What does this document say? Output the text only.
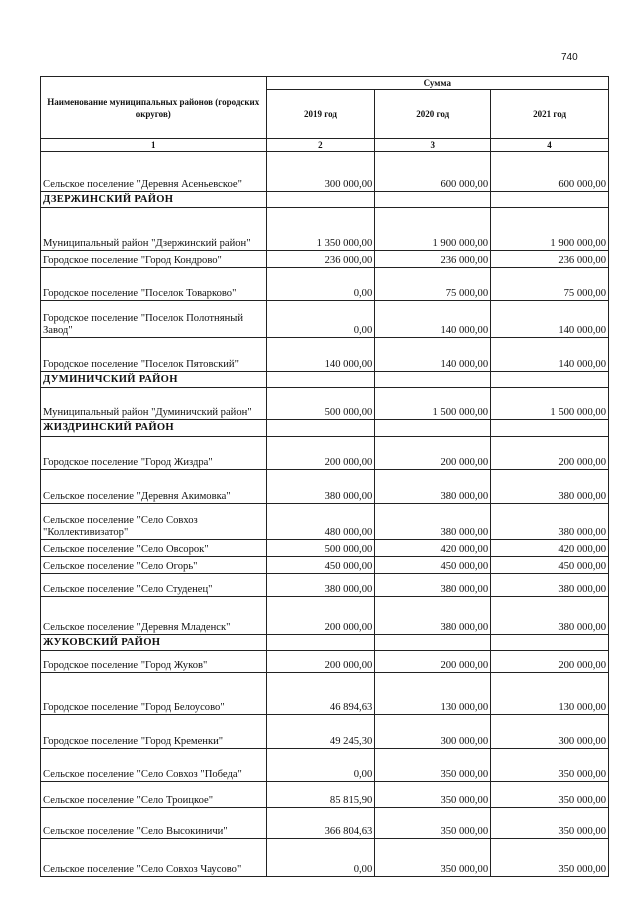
740
Наименование муниципальных районов (городских округов)	Сумма		
	2019 год	2020 год	2021 год
1	2	3	4
Сельское поселение "Деревня Асеньевское"	300 000,00	600 000,00	600 000,00
ДЗЕРЖИНСКИЙ РАЙОН			
Муниципальный район "Дзержинский район"	1 350 000,00	1 900 000,00	1 900 000,00
Городское поселение "Город Кондрово"	236 000,00	236 000,00	236 000,00
Городское поселение "Поселок Товарково"	0,00	75 000,00	75 000,00
Городское поселение "Поселок Полотняный Завод"	0,00	140 000,00	140 000,00
Городское поселение "Поселок Пятовский"	140 000,00	140 000,00	140 000,00
ДУМИНИЧСКИЙ РАЙОН			
Муниципальный район "Думиничский район"	500 000,00	1 500 000,00	1 500 000,00
ЖИЗДРИНСКИЙ РАЙОН			
Городское поселение "Город Жиздра"	200 000,00	200 000,00	200 000,00
Сельское поселение "Деревня Акимовка"	380 000,00	380 000,00	380 000,00
Сельское поселение "Село Совхоз "Коллективизатор"	480 000,00	380 000,00	380 000,00
Сельское поселение "Село Овсорок"	500 000,00	420 000,00	420 000,00
Сельское поселение "Село Огорь"	450 000,00	450 000,00	450 000,00
Сельское поселение "Село Студенец"	380 000,00	380 000,00	380 000,00
Сельское поселение "Деревня Младенск"	200 000,00	380 000,00	380 000,00
ЖУКОВСКИЙ РАЙОН			
Городское поселение "Город Жуков"	200 000,00	200 000,00	200 000,00
Городское поселение "Город Белоусово"	46 894,63	130 000,00	130 000,00
Городское поселение "Город Кременки"	49 245,30	300 000,00	300 000,00
Сельское поселение "Село Совхоз "Победа"	0,00	350 000,00	350 000,00
Сельское поселение "Село Троицкое"	85 815,90	350 000,00	350 000,00
Сельское поселение "Село Высокиничи"	366 804,63	350 000,00	350 000,00
Сельское поселение "Село Совхоз Чаусово"	0,00	350 000,00	350 000,00
